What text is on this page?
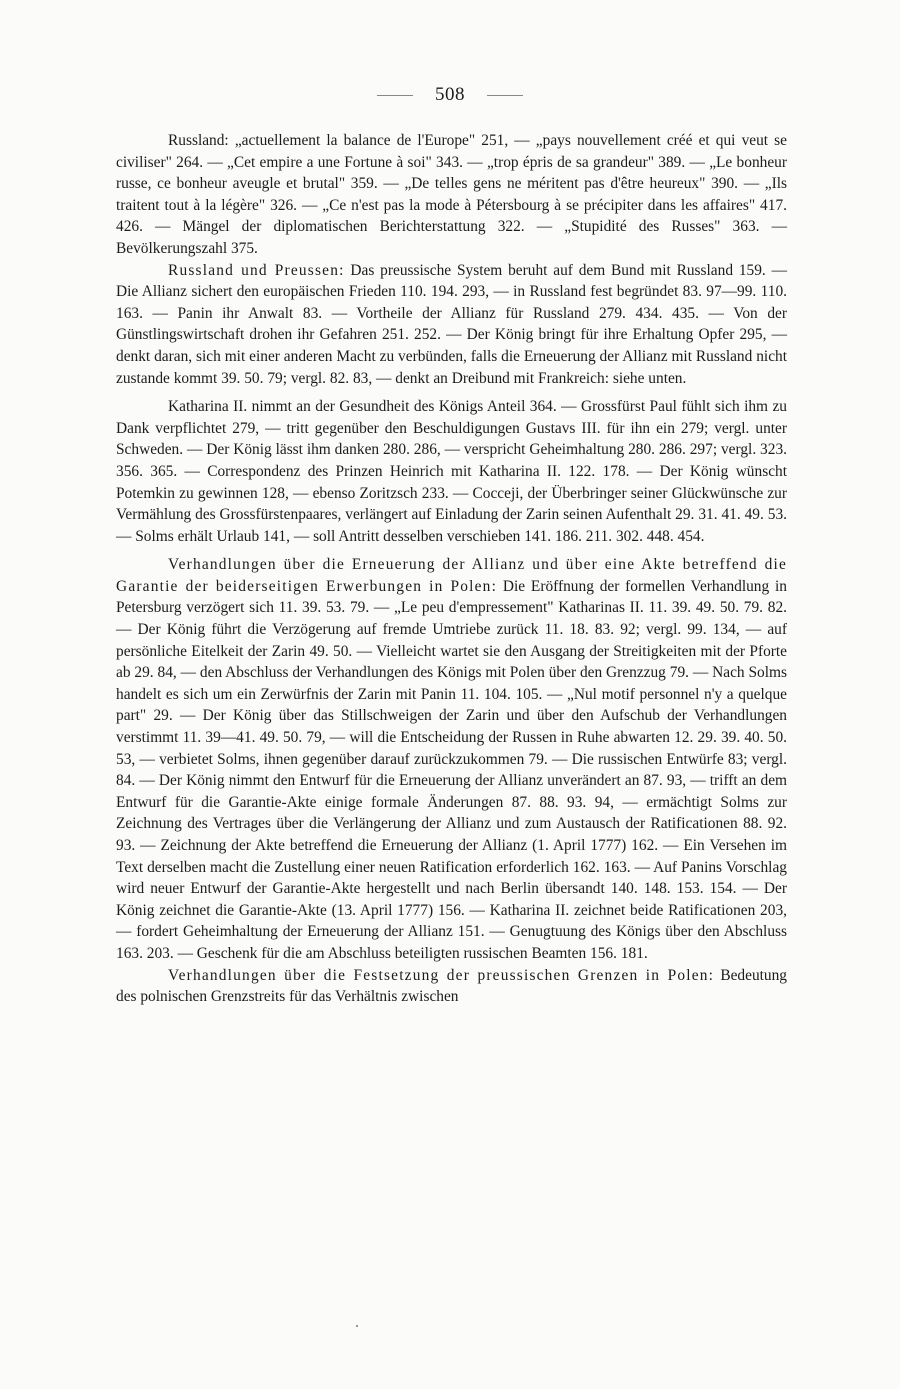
508

Russland: „actuellement la balance de l'Europe" 251, — „pays nouvellement créé et qui veut se civiliser" 264. — „Cet empire a une Fortune à soi" 343. — „trop épris de sa grandeur" 389. — „Le bonheur russe, ce bonheur aveugle et brutal" 359. — „De telles gens ne méritent pas d'être heureux" 390. — „Ils traitent tout à la légère" 326. — „Ce n'est pas la mode à Pétersbourg à se précipiter dans les affaires" 417. 426. — Mängel der diplomatischen Berichterstattung 322. — „Stupidité des Russes" 363. — Bevölkerungszahl 375.

Russland und Preussen: Das preussische System beruht auf dem Bund mit Russland 159. — Die Allianz sichert den europäischen Frieden 110. 194. 293, — in Russland fest begründet 83. 97—99. 110. 163. — Panin ihr Anwalt 83. — Vortheile der Allianz für Russland 279. 434. 435. — Von der Günstlingswirtschaft drohen ihr Gefahren 251. 252. — Der König bringt für ihre Erhaltung Opfer 295, — denkt daran, sich mit einer anderen Macht zu verbünden, falls die Erneuerung der Allianz mit Russland nicht zustande kommt 39. 50. 79; vergl. 82. 83, — denkt an Dreibund mit Frankreich: siehe unten.

Katharina II. nimmt an der Gesundheit des Königs Anteil 364. — Grossfürst Paul fühlt sich ihm zu Dank verpflichtet 279, — tritt gegenüber den Beschuldigungen Gustavs III. für ihn ein 279; vergl. unter Schweden. — Der König lässt ihm danken 280. 286, — verspricht Geheimhaltung 280. 286. 297; vergl. 323. 356. 365. — Correspondenz des Prinzen Heinrich mit Katharina II. 122. 178. — Der König wünscht Potemkin zu gewinnen 128, — ebenso Zoritzsch 233. — Cocceji, der Überbringer seiner Glückwünsche zur Vermählung des Grossfürstenpaares, verlängert auf Einladung der Zarin seinen Aufenthalt 29. 31. 41. 49. 53. — Solms erhält Urlaub 141, — soll Antritt desselben verschieben 141. 186. 211. 302. 448. 454.

Verhandlungen über die Erneuerung der Allianz und über eine Akte betreffend die Garantie der beiderseitigen Erwerbungen in Polen: Die Eröffnung der formellen Verhandlung in Petersburg verzögert sich 11. 39. 53. 79. — „Le peu d'empressement" Katharinas II. 11. 39. 49. 50. 79. 82. — Der König führt die Verzögerung auf fremde Umtriebe zurück 11. 18. 83. 92; vergl. 99. 134, — auf persönliche Eitelkeit der Zarin 49. 50. — Vielleicht wartet sie den Ausgang der Streitigkeiten mit der Pforte ab 29. 84, — den Abschluss der Verhandlungen des Königs mit Polen über den Grenzzug 79. — Nach Solms handelt es sich um ein Zerwürfnis der Zarin mit Panin 11. 104. 105. — „Nul motif personnel n'y a quelque part" 29. — Der König über das Stillschweigen der Zarin und über den Aufschub der Verhandlungen verstimmt 11. 39—41. 49. 50. 79, — will die Entscheidung der Russen in Ruhe abwarten 12. 29. 39. 40. 50. 53, — verbietet Solms, ihnen gegenüber darauf zurückzukommen 79. — Die russischen Entwürfe 83; vergl. 84. — Der König nimmt den Entwurf für die Erneuerung der Allianz unverändert an 87. 93, — trifft an dem Entwurf für die Garantie-Akte einige formale Änderungen 87. 88. 93. 94, — ermächtigt Solms zur Zeichnung des Vertrages über die Verlängerung der Allianz und zum Austausch der Ratificationen 88. 92. 93. — Zeichnung der Akte betreffend die Erneuerung der Allianz (1. April 1777) 162. — Ein Versehen im Text derselben macht die Zustellung einer neuen Ratification erforderlich 162. 163. — Auf Panins Vorschlag wird neuer Entwurf der Garantie-Akte hergestellt und nach Berlin übersandt 140. 148. 153. 154. — Der König zeichnet die Garantie-Akte (13. April 1777) 156. — Katharina II. zeichnet beide Ratificationen 203, — fordert Geheimhaltung der Erneuerung der Allianz 151. — Genugtuung des Königs über den Abschluss 163. 203. — Geschenk für die am Abschluss beteiligten russischen Beamten 156. 181.

Verhandlungen über die Festsetzung der preussischen Grenzen in Polen: Bedeutung des polnischen Grenzstreits für das Verhältnis zwischen
